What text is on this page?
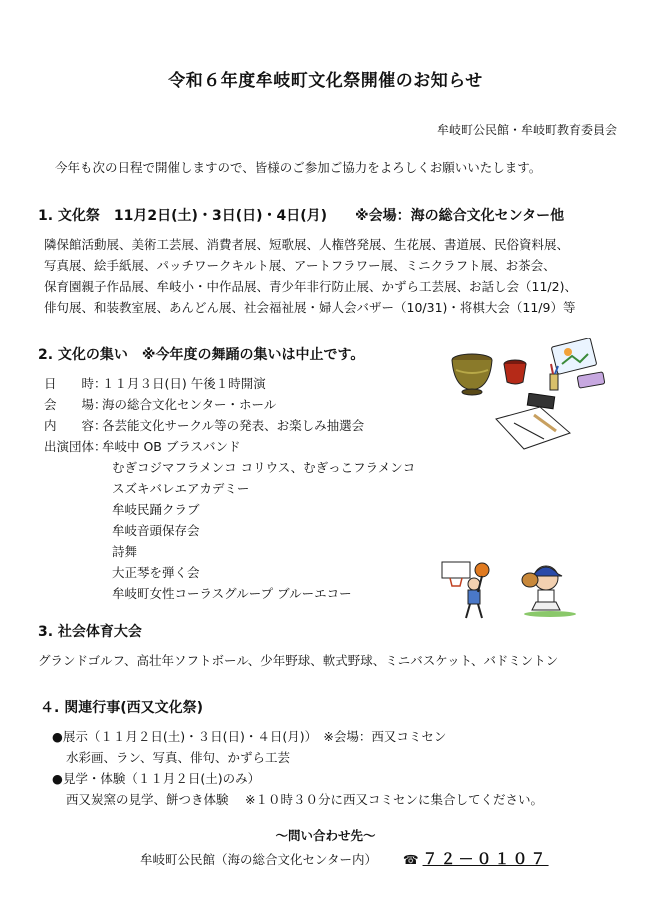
令和６年度牟岐町文化祭開催のお知らせ
牟岐町公民館・牟岐町教育委員会
今年も次の日程で開催しますので、皆様のご参加ご協力をよろしくお願いいたします。
1. 文化祭　11月2日(土)・3日(日)・4日(月)　　※会場：海の総合文化センター他
隣保館活動展、美術工芸展、消費者展、短歌展、人権啓発展、生花展、書道展、民俗資料展、
写真展、絵手紙展、パッチワークキルト展、アートフラワー展、ミニクラフト展、お茶会、
保育園親子作品展、牟岐小・中作品展、青少年非行防止展、かずら工芸展、お話し会（11/2)、
俳句展、和装教室展、あんどん展、社会福祉展・婦人会バザー（10/31)・将棋大会（11/9）等
2. 文化の集い　※今年度の舞踊の集いは中止です。
日　　時：１１月３日(日) 午後１時開演
会　　場：海の総合文化センター・ホール
内　　容：各芸能文化サークル等の発表、お楽しみ抽選会
出演団体：牟岐中 OB ブラスバンド
むぎコジマフラメンコ コリウス、むぎっこフラメンコ
スズキバレエアカデミー
牟岐民踊クラブ
牟岐音頭保存会
詩舞
大正琴を弾く会
牟岐町女性コーラスグループ ブルーエコー
3. 社会体育大会
グランドゴルフ、高壮年ソフトボール、少年野球、軟式野球、ミニバスケット、バドミントン
４. 関連行事(西又文化祭)
●展示（１１月２日(土)・３日(日)・４日(月)）　※会場：西又コミセン
水彩画、ラン、写真、俳句、かずら工芸
●見学・体験（１１月２日(土)のみ）
西又炭窯の見学、餅つき体験　 ※１０時３０分に西又コミセンに集合してください。
～問い合わせ先～
牟岐町公民館（海の総合文化センター内） ☎ ７２－０１０７
